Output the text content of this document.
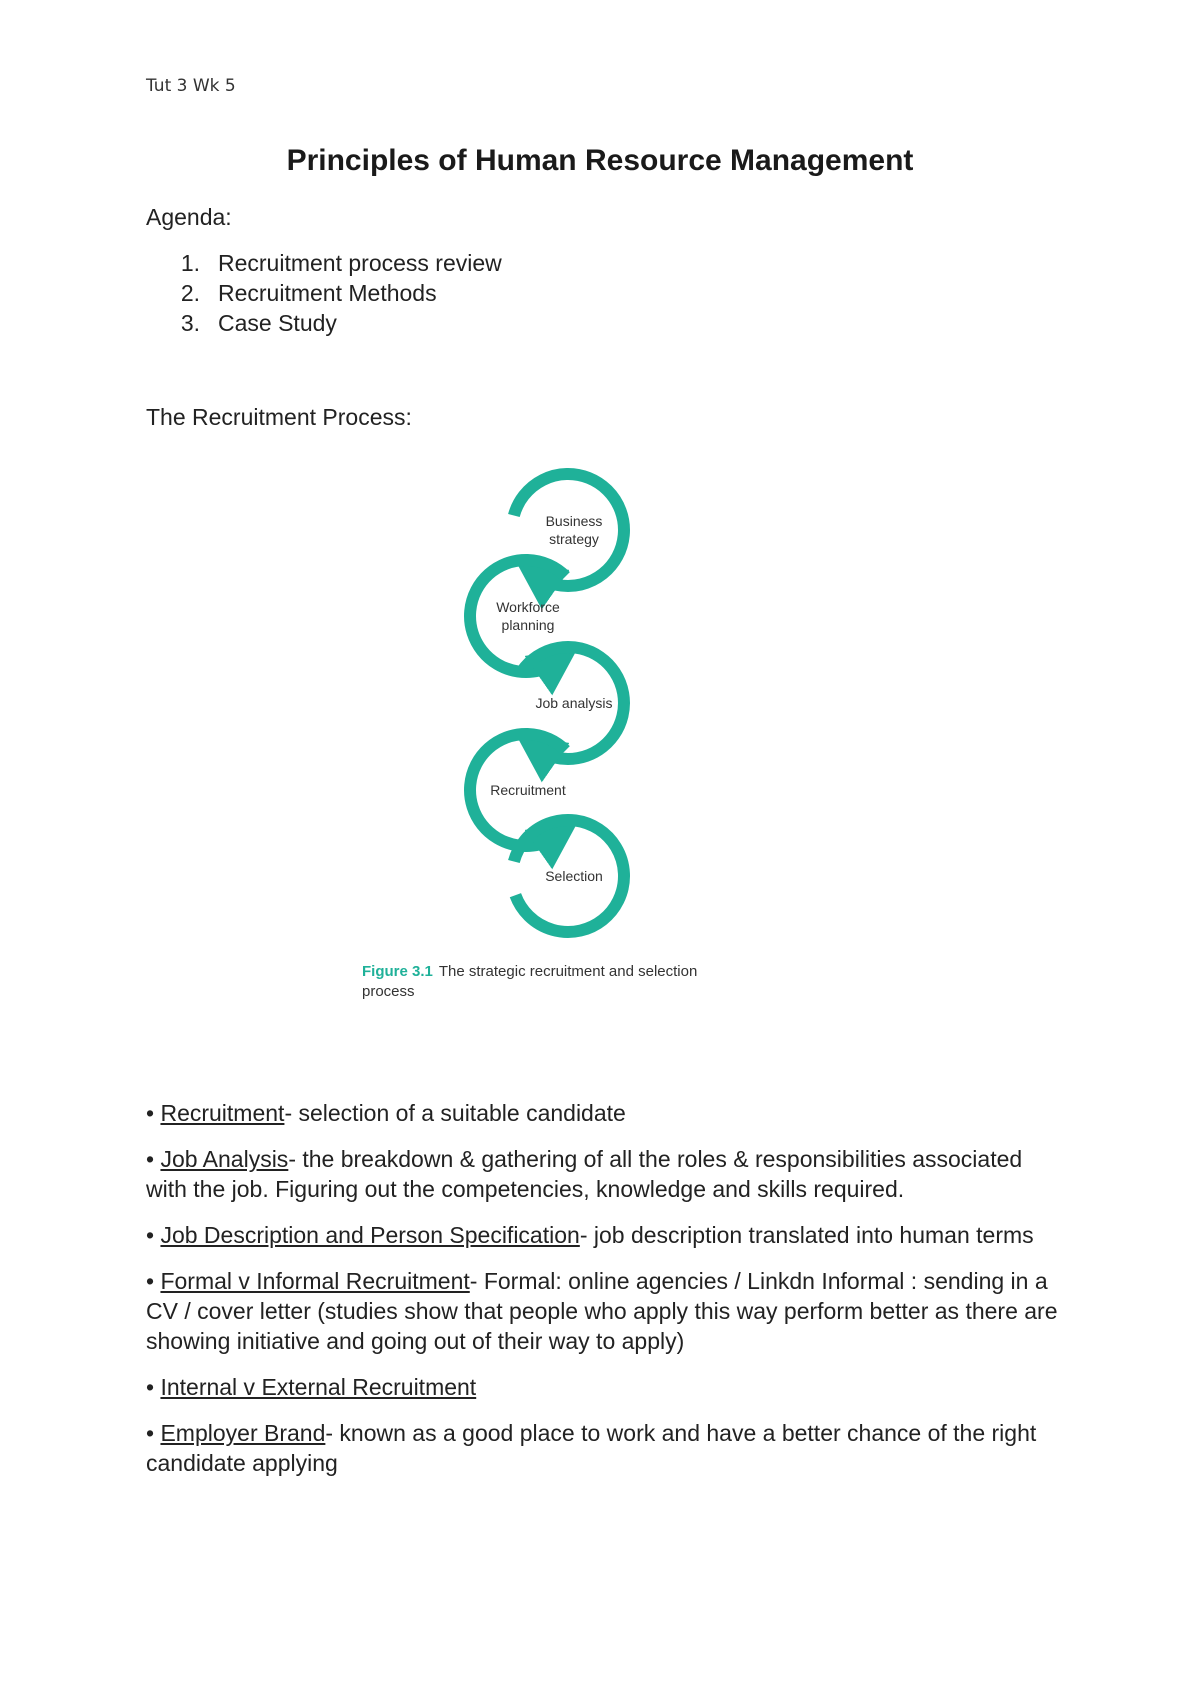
Tut 3 Wk 5
Principles of Human Resource Management
Agenda:
1. Recruitment process review
2. Recruitment Methods
3. Case Study
The Recruitment Process:
Business strategy
Workforce planning
Job analysis
Recruitment
Selection
Figure 3.1 The strategic recruitment and selection process

• Recruitment- selection of a suitable candidate

• Job Analysis- the breakdown & gathering of all the roles & responsibilities associated with the job. Figuring out the competencies, knowledge and skills required.

• Job Description and Person Specification- job description translated into human terms

• Formal v Informal Recruitment- Formal: online agencies / Linkdn Informal : sending in a CV / cover letter (studies show that people who apply this way perform better as there are showing initiative and going out of their way to apply)

• Internal v External Recruitment

• Employer Brand- known as a good place to work and have a better chance of the right candidate applying
